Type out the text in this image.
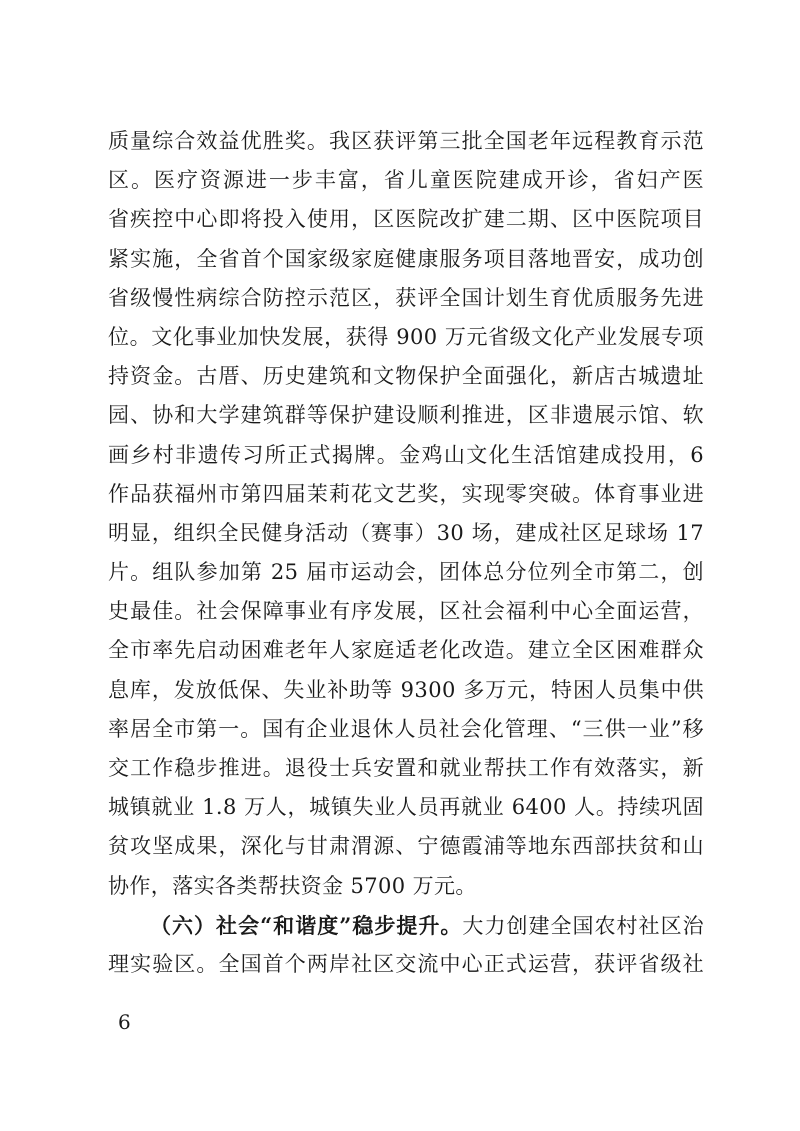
质量综合效益优胜奖。我区获评第三批全国老年远程教育示范
区。医疗资源进一步丰富，省儿童医院建成开诊，省妇产医
省疾控中心即将投入使用，区医院改扩建二期、区中医院项目
紧实施，全省首个国家级家庭健康服务项目落地晋安，成功创
省级慢性病综合防控示范区，获评全国计划生育优质服务先进
位。文化事业加快发展，获得 900 万元省级文化产业发展专项
持资金。古厝、历史建筑和文物保护全面强化，新店古城遗址
园、协和大学建筑群等保护建设顺利推进，区非遗展示馆、软
画乡村非遗传习所正式揭牌。金鸡山文化生活馆建成投用，6
作品获福州市第四届茉莉花文艺奖，实现零突破。体育事业进
明显，组织全民健身活动（赛事）30 场，建成社区足球场 17
片。组队参加第 25 届市运动会，团体总分位列全市第二，创
史最佳。社会保障事业有序发展，区社会福利中心全面运营，
全市率先启动困难老年人家庭适老化改造。建立全区困难群众
息库，发放低保、失业补助等 9300 多万元，特困人员集中供
率居全市第一。国有企业退休人员社会化管理、“三供一业”移
交工作稳步推进。退役士兵安置和就业帮扶工作有效落实，新
城镇就业 1.8 万人，城镇失业人员再就业 6400 人。持续巩固
贫攻坚成果，深化与甘肃渭源、宁德霞浦等地东西部扶贫和山
协作，落实各类帮扶资金 5700 万元。
（六）社会“和谐度”稳步提升。大力创建全国农村社区治
理实验区。全国首个两岸社区交流中心正式运营，获评省级社
6
